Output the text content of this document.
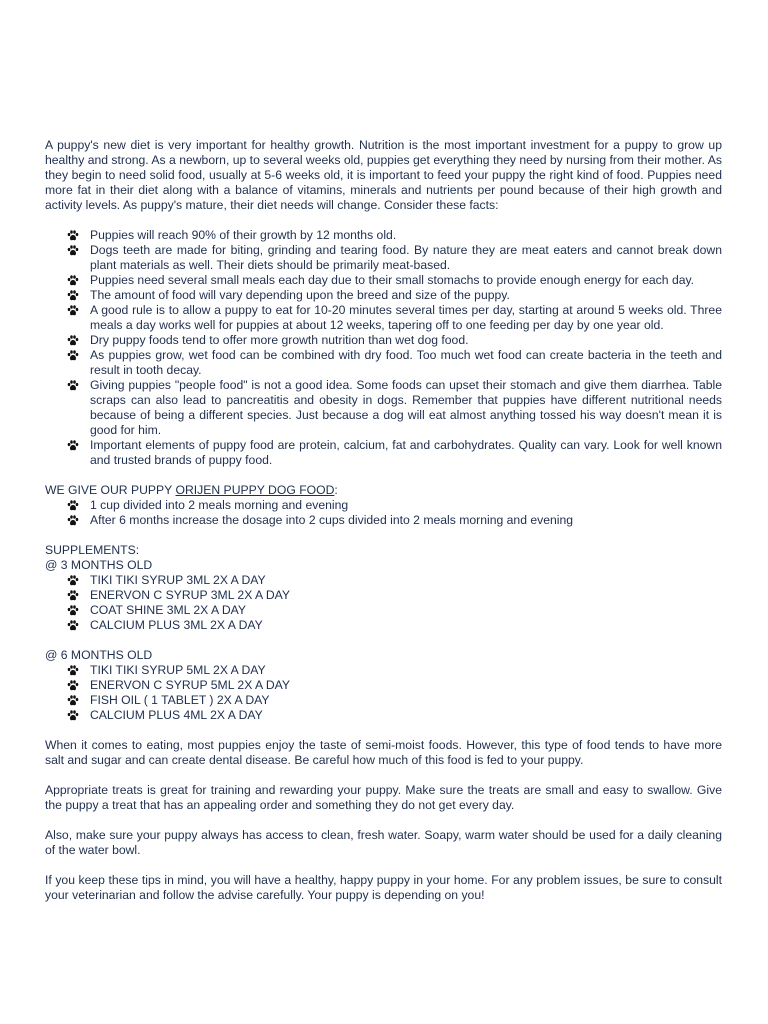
A puppy's new diet is very important for healthy growth. Nutrition is the most important investment for a puppy to grow up healthy and strong. As a newborn, up to several weeks old, puppies get everything they need by nursing from their mother. As they begin to need solid food, usually at 5-6 weeks old, it is important to feed your puppy the right kind of food. Puppies need more fat in their diet along with a balance of vitamins, minerals and nutrients per pound because of their high growth and activity levels. As puppy's mature, their diet needs will change. Consider these facts:

Puppies will reach 90% of their growth by 12 months old.
Dogs teeth are made for biting, grinding and tearing food. By nature they are meat eaters and cannot break down plant materials as well. Their diets should be primarily meat-based.
Puppies need several small meals each day due to their small stomachs to provide enough energy for each day.
The amount of food will vary depending upon the breed and size of the puppy.
A good rule is to allow a puppy to eat for 10-20 minutes several times per day, starting at around 5 weeks old. Three meals a day works well for puppies at about 12 weeks, tapering off to one feeding per day by one year old.
Dry puppy foods tend to offer more growth nutrition than wet dog food.
As puppies grow, wet food can be combined with dry food. Too much wet food can create bacteria in the teeth and result in tooth decay.
Giving puppies "people food" is not a good idea. Some foods can upset their stomach and give them diarrhea. Table scraps can also lead to pancreatitis and obesity in dogs. Remember that puppies have different nutritional needs because of being a different species. Just because a dog will eat almost anything tossed his way doesn't mean it is good for him.
Important elements of puppy food are protein, calcium, fat and carbohydrates. Quality can vary. Look for well known and trusted brands of puppy food.

WE GIVE OUR PUPPY ORIJEN PUPPY DOG FOOD:

1 cup divided into 2 meals morning and evening
After 6 months increase the dosage into 2 cups divided into 2 meals morning and evening

SUPPLEMENTS:

@ 3 MONTHS OLD

TIKI TIKI SYRUP 3ML 2X A DAY
ENERVON C SYRUP 3ML 2X A DAY
COAT SHINE 3ML 2X A DAY
CALCIUM PLUS 3ML 2X A DAY

@ 6 MONTHS OLD

TIKI TIKI SYRUP 5ML 2X A DAY
ENERVON C SYRUP 5ML 2X A DAY
FISH OIL ( 1 TABLET ) 2X A DAY
CALCIUM PLUS 4ML 2X A DAY

When it comes to eating, most puppies enjoy the taste of semi-moist foods. However, this type of food tends to have more salt and sugar and can create dental disease. Be careful how much of this food is fed to your puppy.

Appropriate treats is great for training and rewarding your puppy. Make sure the treats are small and easy to swallow. Give the puppy a treat that has an appealing order and something they do not get every day.

Also, make sure your puppy always has access to clean, fresh water. Soapy, warm water should be used for a daily cleaning of the water bowl.

If you keep these tips in mind, you will have a healthy, happy puppy in your home. For any problem issues, be sure to consult your veterinarian and follow the advise carefully. Your puppy is depending on you!
